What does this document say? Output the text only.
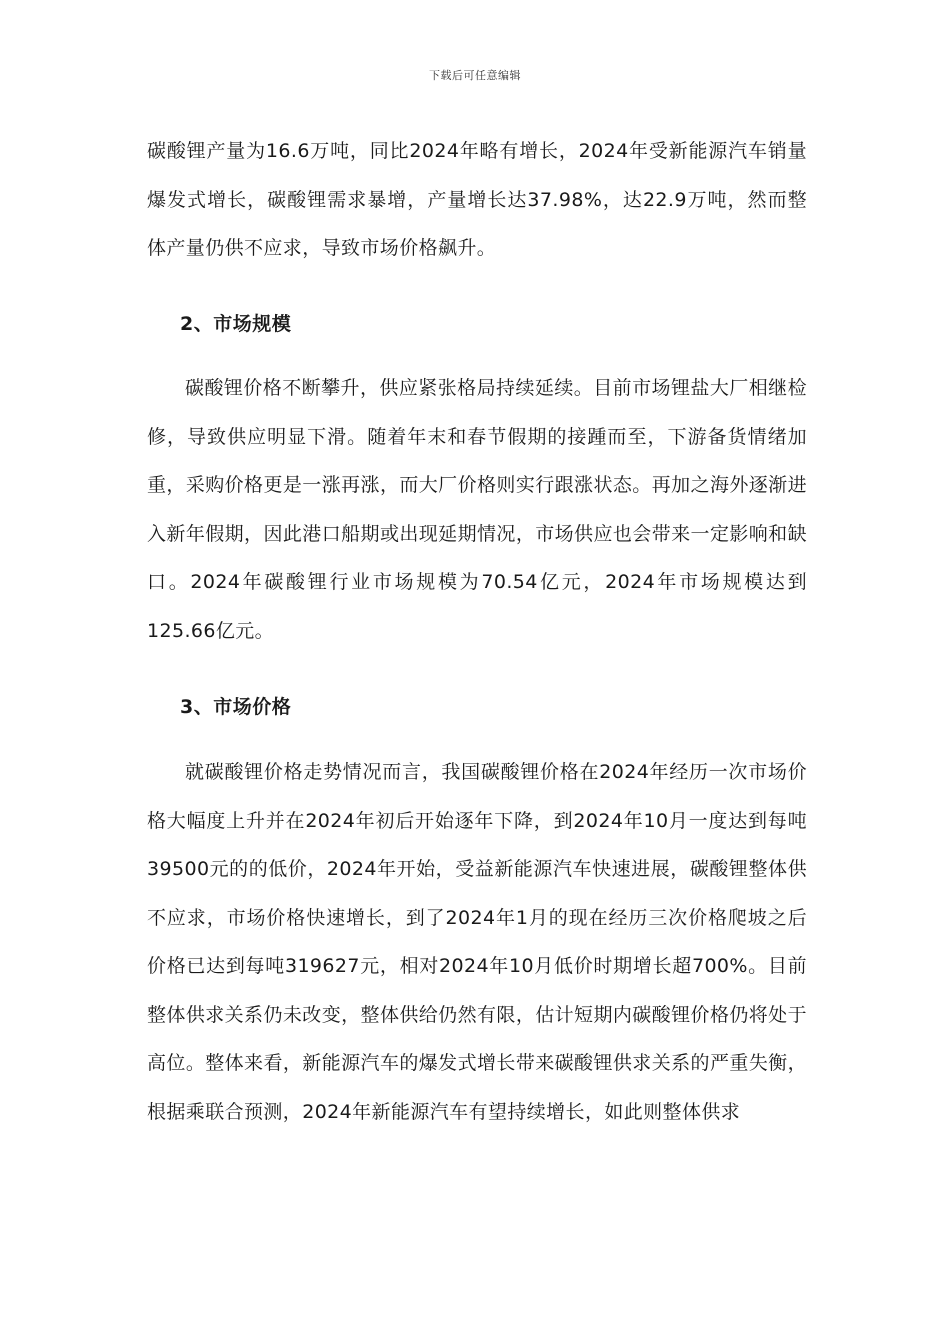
下载后可任意编辑

碳酸锂产量为16.6万吨，同比2024年略有增长，2024年受新能源汽车销量爆发式增长，碳酸锂需求暴增，产量增长达37.98%，达22.9万吨，然而整体产量仍供不应求，导致市场价格飙升。

2、市场规模

碳酸锂价格不断攀升，供应紧张格局持续延续。目前市场锂盐大厂相继检修，导致供应明显下滑。随着年末和春节假期的接踵而至，下游备货情绪加重，采购价格更是一涨再涨，而大厂价格则实行跟涨状态。再加之海外逐渐进入新年假期，因此港口船期或出现延期情况，市场供应也会带来一定影响和缺口。2024年碳酸锂行业市场规模为70.54亿元，2024年市场规模达到125.66亿元。

3、市场价格

就碳酸锂价格走势情况而言，我国碳酸锂价格在2024年经历一次市场价格大幅度上升并在2024年初后开始逐年下降，到2024年10月一度达到每吨39500元的的低价，2024年开始，受益新能源汽车快速进展，碳酸锂整体供不应求，市场价格快速增长，到了2024年1月的现在经历三次价格爬坡之后价格已达到每吨319627元，相对2024年10月低价时期增长超700%。目前整体供求关系仍未改变，整体供给仍然有限，估计短期内碳酸锂价格仍将处于高位。整体来看，新能源汽车的爆发式增长带来碳酸锂供求关系的严重失衡，根据乘联合预测，2024年新能源汽车有望持续增长，如此则整体供求
